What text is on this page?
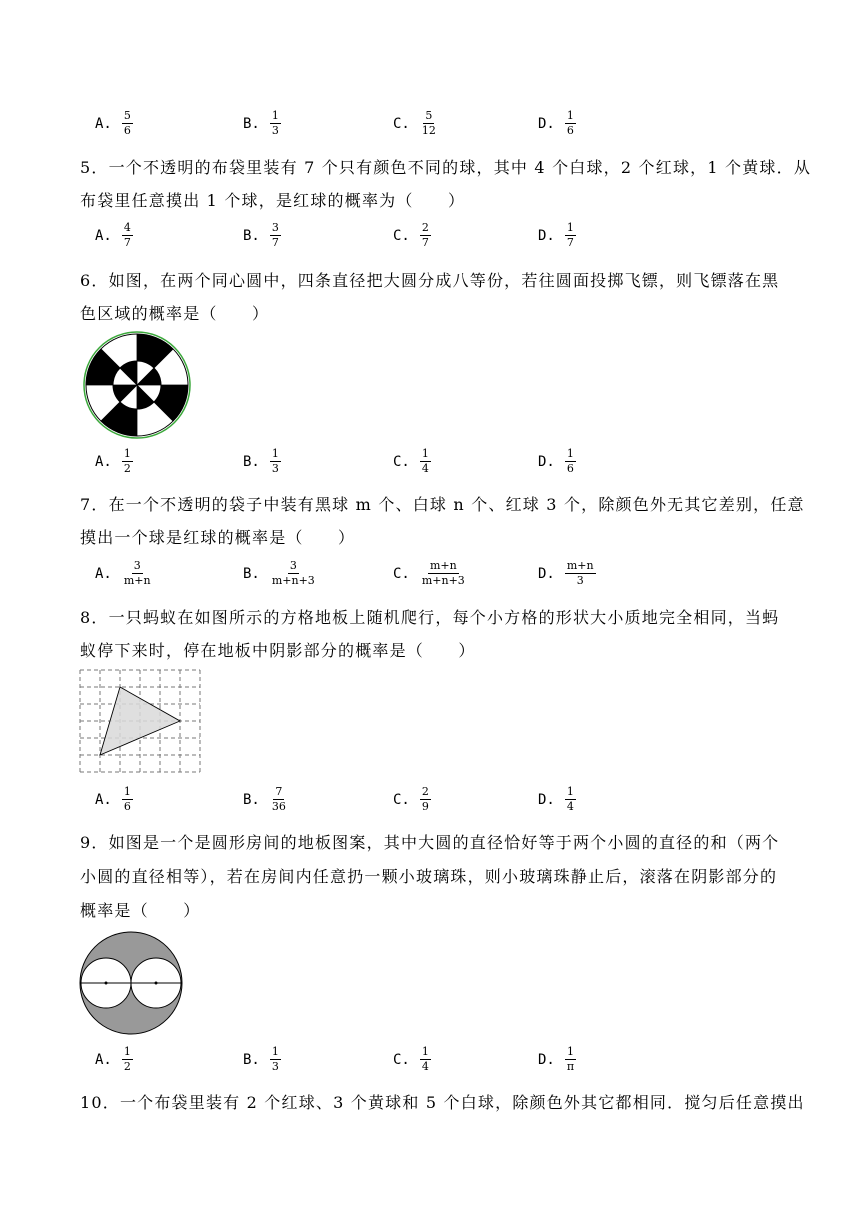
A. $\frac{5}{6}$	B. $\frac{1}{3}$	C. $\frac{5}{12}$	D. $\frac{1}{6}$
5．一个不透明的布袋里装有 7 个只有颜色不同的球，其中 4 个白球，2 个红球，1 个黄球．从
布袋里任意摸出 1 个球，是红球的概率为（　　）
A. $\frac{4}{7}$	B. $\frac{3}{7}$	C. $\frac{2}{7}$	D. $\frac{1}{7}$
6．如图，在两个同心圆中，四条直径把大圆分成八等份，若往圆面投掷飞镖，则飞镖落在黑
色区域的概率是（　　）
A. $\frac{1}{2}$	B. $\frac{1}{3}$	C. $\frac{1}{4}$	D. $\frac{1}{6}$
7．在一个不透明的袋子中装有黑球 m 个、白球 n 个、红球 3 个，除颜色外无其它差别，任意
摸出一个球是红球的概率是（　　）
A. $\frac{3}{m+n}$	B. $\frac{3}{m+n+3}$	C. $\frac{m+n}{m+n+3}$	D. $\frac{m+n}{3}$
8．一只蚂蚁在如图所示的方格地板上随机爬行，每个小方格的形状大小质地完全相同，当蚂
蚁停下来时，停在地板中阴影部分的概率是（　　）
A. $\frac{1}{6}$	B. $\frac{7}{36}$	C. $\frac{2}{9}$	D. $\frac{1}{4}$
9．如图是一个是圆形房间的地板图案，其中大圆的直径恰好等于两个小圆的直径的和（两个
小圆的直径相等），若在房间内任意扔一颗小玻璃珠，则小玻璃珠静止后，滚落在阴影部分的
概率是（　　）
A. $\frac{1}{2}$	B. $\frac{1}{3}$	C. $\frac{1}{4}$	D. $\frac{1}{\pi}$
10．一个布袋里装有 2 个红球、3 个黄球和 5 个白球，除颜色外其它都相同．搅匀后任意摸出
